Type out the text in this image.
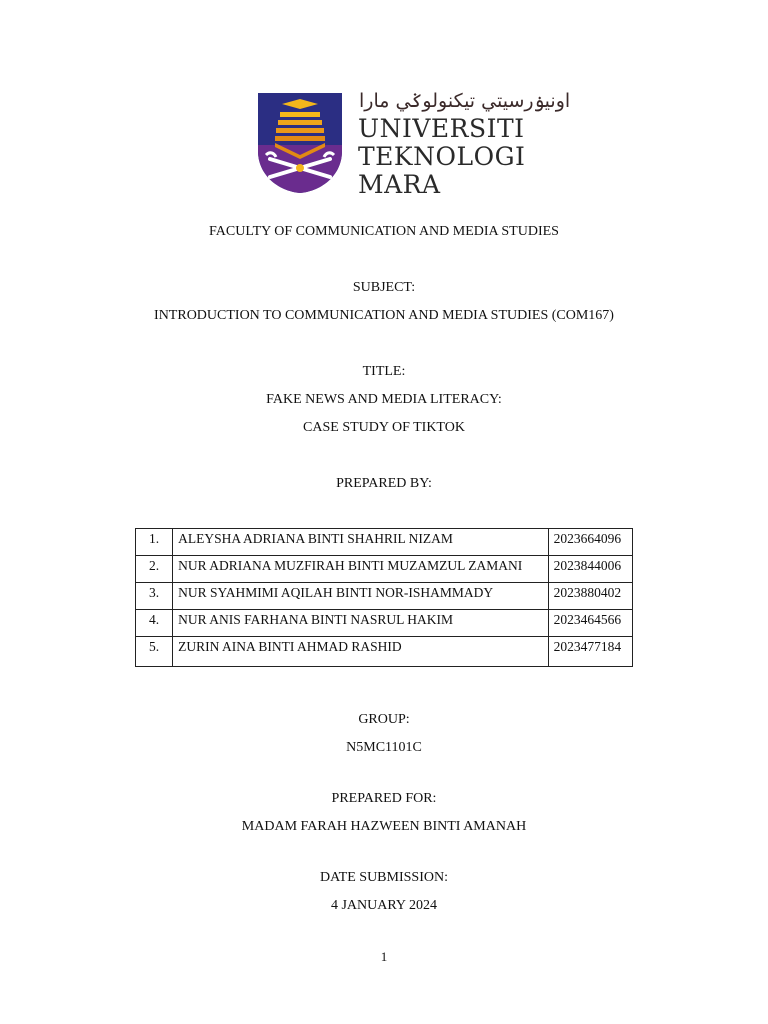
اونيۏرسيتي تيکنولوݢي مارا
UNIVERSITI
TEKNOLOGI
MARA
FACULTY OF COMMUNICATION AND MEDIA STUDIES
SUBJECT:
INTRODUCTION TO COMMUNICATION AND MEDIA STUDIES (COM167)
TITLE:
FAKE NEWS AND MEDIA LITERACY:
CASE STUDY OF TIKTOK
PREPARED BY:
1.	ALEYSHA ADRIANA BINTI SHAHRIL NIZAM	2023664096
2.	NUR ADRIANA MUZFIRAH BINTI MUZAMZUL ZAMANI	2023844006
3.	NUR SYAHMIMI AQILAH BINTI NOR-ISHAMMADY	2023880402
4.	NUR ANIS FARHANA BINTI NASRUL HAKIM	2023464566
5.	ZURIN AINA BINTI AHMAD RASHID	2023477184
GROUP:
N5MC1101C
PREPARED FOR:
MADAM FARAH HAZWEEN BINTI AMANAH
DATE SUBMISSION:
4 JANUARY 2024
1
